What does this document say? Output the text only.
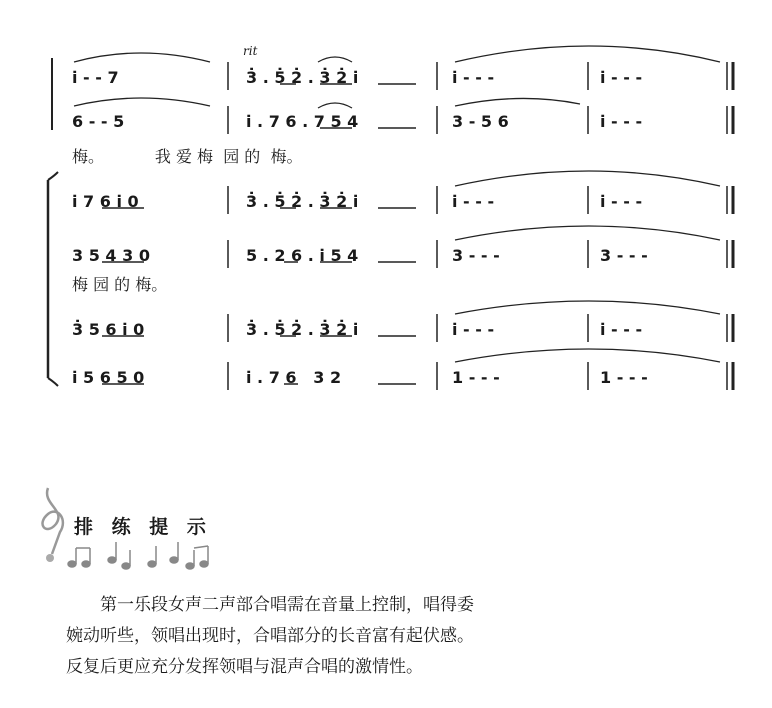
rit
i̇ - - 7	3̇ . 5̇ 2̇ . 3̇ 2̇ i̇	i̇ - - -	i̇ - - -
6 - - 5	i̇ . 7 6 . 7 5 4	3 - 5 6	i̇ - - -
梅。          我 爱 梅  园 的  梅。
i̇ 7 6 i̇ 0	3̇ . 5̇ 2̇ . 3̇ 2̇ i̇	i̇ - - -	i̇ - - -
3 5 4 3 0	5 . 2 6 . i̇ 5 4	3 - - -	3 - - -
梅 园 的 梅。
3̇ 5 6 i̇ 0	3̇ . 5̇ 2̇ . 3̇ 2̇ i̇	i̇ - - -	i̇ - - -
i̇ 5 6 5 0	i̇ . 7 6   3 2	1 - - -	1 - - -
排 练 提 示

第一乐段女声二声部合唱需在音量上控制，唱得委

婉动听些，领唱出现时，合唱部分的长音富有起伏感。

反复后更应充分发挥领唱与混声合唱的激情性。
